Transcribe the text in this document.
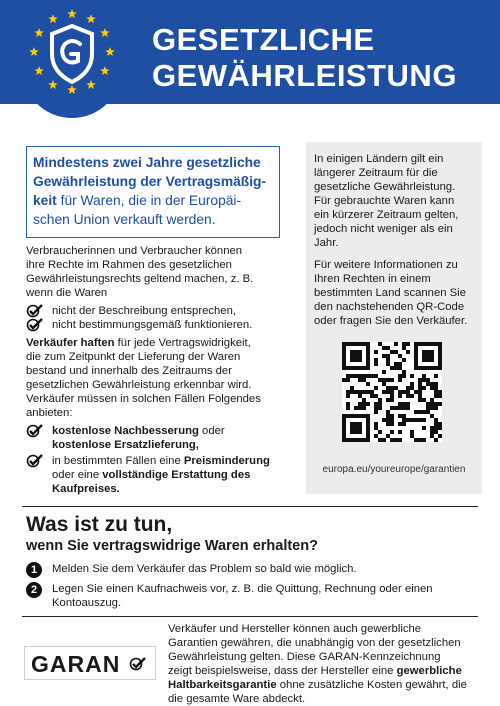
GESETZLICHE
GEWÄHRLEISTUNG
Mindestens zwei Jahre gesetzliche
Gewährleistung der Vertragsmäßig-
keit für Waren, die in der Europäi-
schen Union verkauft werden.
Verbraucherinnen und Verbraucher können
ihre Rechte im Rahmen des gesetzlichen
Gewährleistungsrechts geltend machen, z. B.
wenn die Waren
nicht der Beschreibung entsprechen,
nicht bestimmungsgemäß funktionieren.
Verkäufer haften für jede Vertragswidrigkeit,
die zum Zeitpunkt der Lieferung der Waren
bestand und innerhalb des Zeitraums der
gesetzlichen Gewährleistung erkennbar wird.
Verkäufer müssen in solchen Fällen Folgendes
anbieten:
kostenlose Nachbesserung oder
kostenlose Ersatzlieferung,
in bestimmten Fällen eine Preisminderung
oder eine vollständige Erstattung des
Kaufpreises.
In einigen Ländern gilt ein
längerer Zeitraum für die
gesetzliche Gewährleistung.
Für gebrauchte Waren kann
ein kürzerer Zeitraum gelten,
jedoch nicht weniger als ein
Jahr.
Für weitere Informationen zu
Ihren Rechten in einem
bestimmten Land scannen Sie
den nachstehenden QR-Code
oder fragen Sie den Verkäufer.
europa.eu/youreurope/garantien
Was ist zu tun,
wenn Sie vertragswidrige Waren erhalten?
1	Melden Sie dem Verkäufer das Problem so bald wie möglich.
2	Legen Sie einen Kaufnachweis vor, z. B. die Quittung, Rechnung oder einen
Kontoauszug.
GARAN
Verkäufer und Hersteller können auch gewerbliche
Garantien gewähren, die unabhängig von der gesetzlichen
Gewährleistung gelten. Diese GARAN-Kennzeichnung
zeigt beispielsweise, dass der Hersteller eine gewerbliche
Haltbarkeitsgarantie ohne zusätzliche Kosten gewährt, die
die gesamte Ware abdeckt.
